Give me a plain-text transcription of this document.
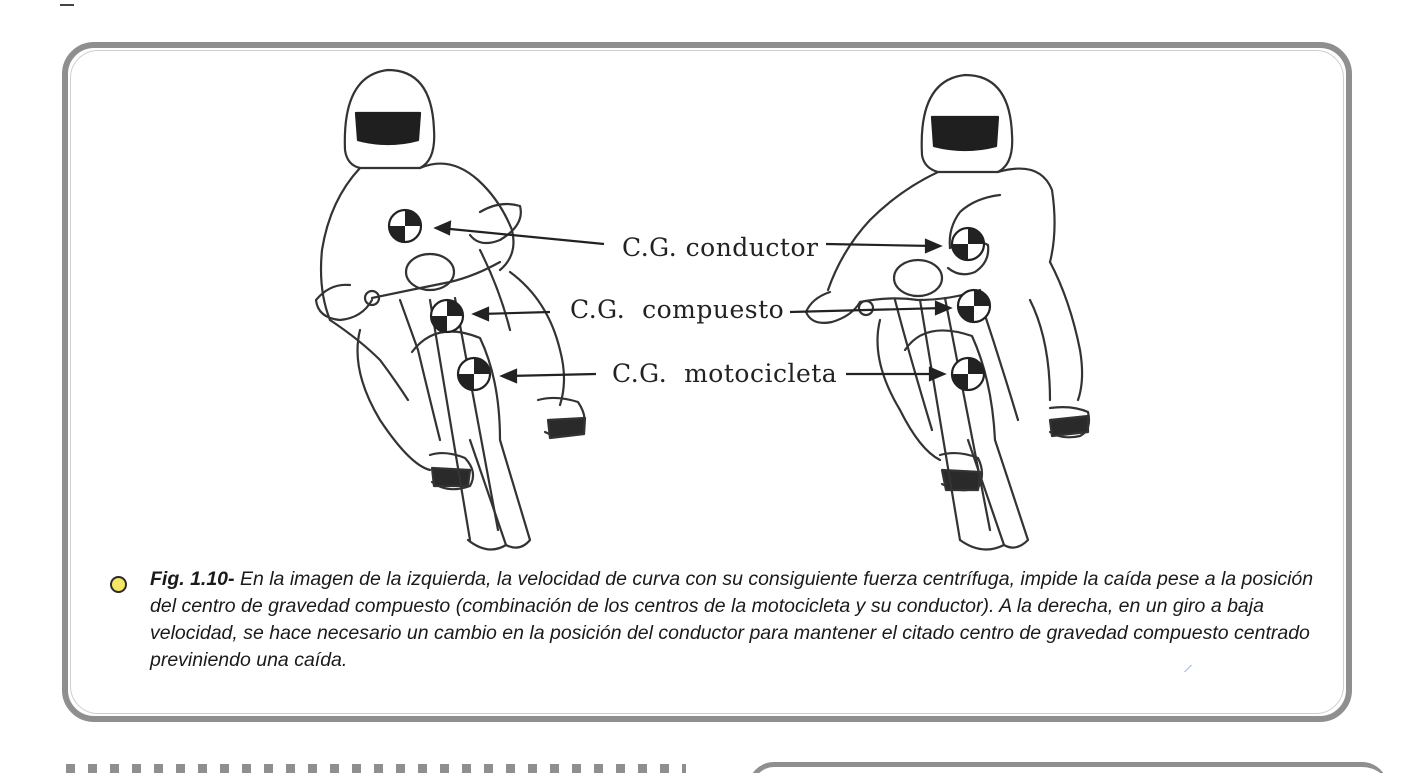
C.G. conductor
C.G.  compuesto
C.G.  motocicleta

Fig. 1.10- En la imagen de la izquierda, la velocidad de curva con su consiguiente fuerza centrífuga, impide la caída pese a la posición del centro de gravedad compuesto (combinación de los centros de la motocicleta y su conductor). A la derecha, en un giro a baja velocidad, se hace necesario un cambio en la posición del conductor para mantener el citado centro de gravedad compuesto centrado previniendo una caída.
